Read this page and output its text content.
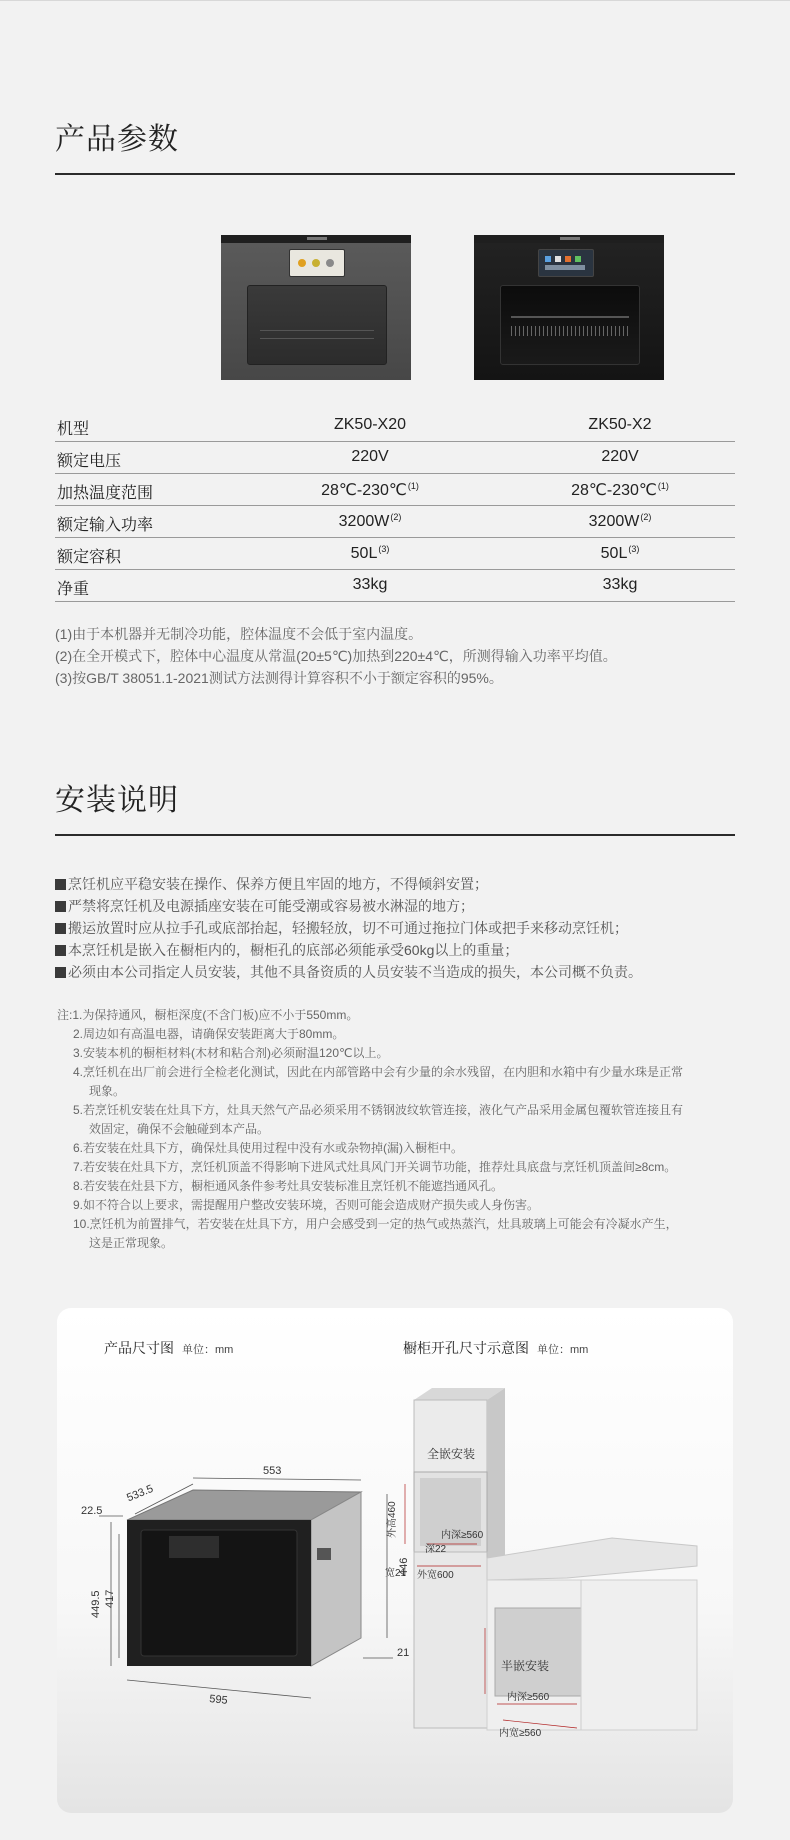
产品参数
机型	ZK50-X20	ZK50-X2
额定电压	220V	220V
加热温度范围	28℃-230℃$^{(1)}$	28℃-230℃$^{(1)}$
额定输入功率	$3200W^{(2)}$	$3200W^{(2)}$
额定容积	$50L^{(3)}$	$50L^{(3)}$
净重	33kg	33kg
(1)由于本机器并无制冷功能，腔体温度不会低于室内温度。
(2)在全开模式下，腔体中心温度从常温(20±5℃)加热到220±4℃，所测得输入功率平均值。
(3)按GB/T 38051.1-2021测试方法测得计算容积不小于额定容积的95%。
安装说明
烹饪机应平稳安装在操作、保养方便且牢固的地方，不得倾斜安置；
严禁将烹饪机及电源插座安装在可能受潮或容易被水淋湿的地方；
搬运放置时应从拉手孔或底部抬起，轻搬轻放，切不可通过拖拉门体或把手来移动烹饪机；
本烹饪机是嵌入在橱柜内的，橱柜孔的底部必须能承受60kg以上的重量；
必须由本公司指定人员安装，其他不具备资质的人员安装不当造成的损失，本公司概不负责。
注:1.为保持通风，橱柜深度(不含门板)应不小于550mm。
2.周边如有高温电器，请确保安装距离大于80mm。
3.安装本机的橱柜材料(木材和粘合剂)必须耐温120℃以上。
4.烹饪机在出厂前会进行全检老化测试，因此在内部管路中会有少量的余水残留，在内胆和水箱中有少量水珠是正常
现象。
5.若烹饪机安装在灶具下方，灶具天然气产品必须采用不锈钢波纹软管连接，液化气产品采用金属包覆软管连接且有
效固定，确保不会触碰到本产品。
6.若安装在灶具下方，确保灶具使用过程中没有水或杂物掉(漏)入橱柜中。
7.若安装在灶具下方，烹饪机顶盖不得影响下进风式灶具风门开关调节功能，推荐灶具底盘与烹饪机顶盖间≥8cm。
8.若安装在灶县下方，橱柜通风条件参考灶具安装标准且烹饪机不能遮挡通风孔。
9.如不符合以上要求，需提醒用户整改安装环境，否则可能会造成财产损失或人身伤害。
10.烹饪机为前置排气，若安装在灶具下方，用户会感受到一定的热气或热蒸汽，灶具玻璃上可能会有冷凝水产生，
这是正常现象。
产品尺寸图 单位：mm	橱柜开孔尺寸示意图 单位：mm
22.5
533.5
553
449.5 417
446
21
595
全嵌安装
半嵌安装
外高460	内深≥560
深22
宽21 外宽600
内深≥560
内宽≥560
